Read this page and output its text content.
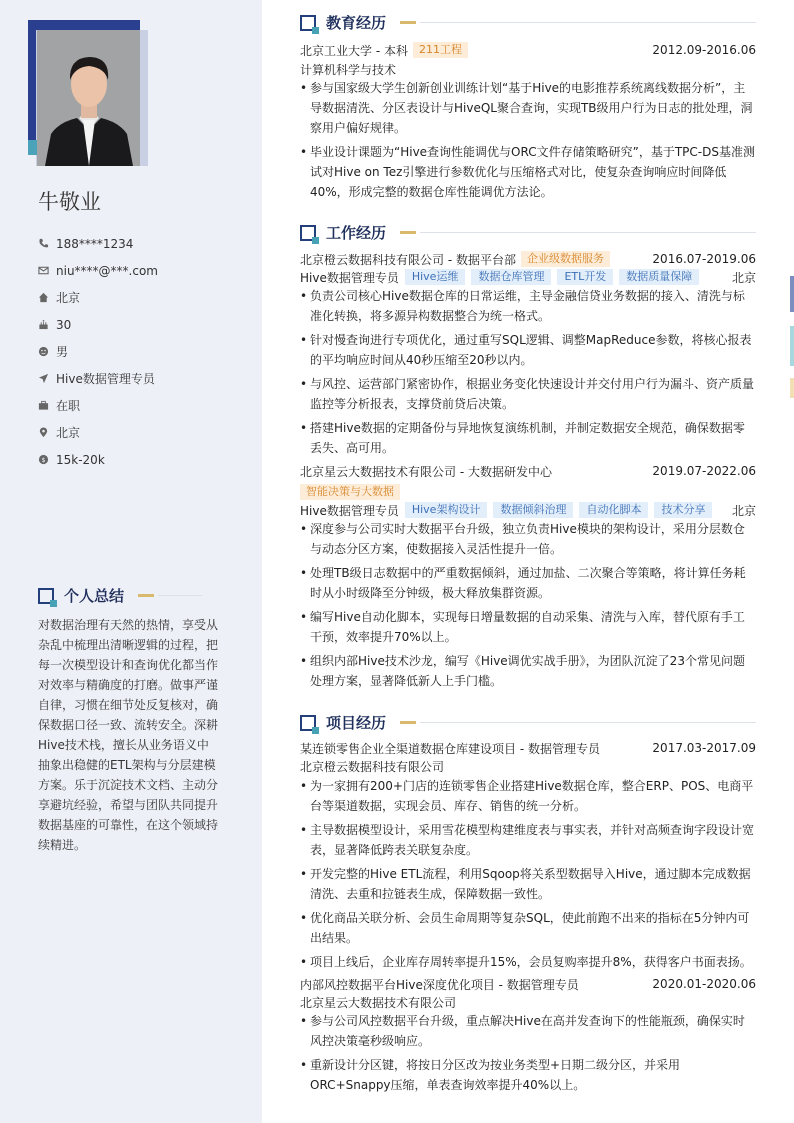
牛敬业
188****1234
niu****@***.com
北京
30
男
Hive数据管理专员
在职
北京
$ 15k-20k
个人总结
对数据治理有天然的热情，享受从杂乱中梳理出清晰逻辑的过程，把每一次模型设计和查询优化都当作对效率与精确度的打磨。做事严谨自律，习惯在细节处反复核对，确保数据口径一致、流转安全。深耕Hive技术栈，擅长从业务语义中抽象出稳健的ETL架构与分层建模方案。乐于沉淀技术文档、主动分享避坑经验，希望与团队共同提升数据基座的可靠性，在这个领域持续精进。
教育经历
北京工业大学 - 本科	211工程	2012.09-2016.06
计算机科学与技术
• 参与国家级大学生创新创业训练计划“基于Hive的电影推荐系统离线数据分析”，主导数据清洗、分区表设计与HiveQL聚合查询，实现TB级用户行为日志的批处理，洞察用户偏好规律。
• 毕业设计课题为“Hive查询性能调优与ORC文件存储策略研究”，基于TPC-DS基准测试对Hive on Tez引擎进行参数优化与压缩格式对比，使复杂查询响应时间降低40%，形成完整的数据仓库性能调优方法论。
工作经历
北京橙云数据科技有限公司 - 数据平台部	企业级数据服务	2016.07-2019.06
Hive数据管理专员	Hive运维	数据仓库管理	ETL开发	数据质量保障	北京
• 负责公司核心Hive数据仓库的日常运维，主导金融信贷业务数据的接入、清洗与标准化转换，将多源异构数据整合为统一格式。
• 针对慢查询进行专项优化，通过重写SQL逻辑、调整MapReduce参数，将核心报表的平均响应时间从40秒压缩至20秒以内。
• 与风控、运营部门紧密协作，根据业务变化快速设计并交付用户行为漏斗、资产质量监控等分析报表，支撑贷前贷后决策。
• 搭建Hive数据的定期备份与异地恢复演练机制，并制定数据安全规范，确保数据零丢失、高可用。
北京星云大数据技术有限公司 - 大数据研发中心	2019.07-2022.06
智能决策与大数据
Hive数据管理专员	Hive架构设计	数据倾斜治理	自动化脚本	技术分享	北京
• 深度参与公司实时大数据平台升级，独立负责Hive模块的架构设计，采用分层数仓与动态分区方案，使数据接入灵活性提升一倍。
• 处理TB级日志数据中的严重数据倾斜，通过加盐、二次聚合等策略，将计算任务耗时从小时级降至分钟级，极大释放集群资源。
• 编写Hive自动化脚本，实现每日增量数据的自动采集、清洗与入库，替代原有手工干预，效率提升70%以上。
• 组织内部Hive技术沙龙，编写《Hive调优实战手册》，为团队沉淀了23个常见问题处理方案，显著降低新人上手门槛。
项目经历
某连锁零售企业全渠道数据仓库建设项目 - 数据管理专员	2017.03-2017.09
北京橙云数据科技有限公司
• 为一家拥有200+门店的连锁零售企业搭建Hive数据仓库，整合ERP、POS、电商平台等渠道数据，实现会员、库存、销售的统一分析。
• 主导数据模型设计，采用雪花模型构建维度表与事实表，并针对高频查询字段设计宽表，显著降低跨表关联复杂度。
• 开发完整的Hive ETL流程，利用Sqoop将关系型数据导入Hive，通过脚本完成数据清洗、去重和拉链表生成，保障数据一致性。
• 优化商品关联分析、会员生命周期等复杂SQL，使此前跑不出来的指标在5分钟内可出结果。
• 项目上线后，企业库存周转率提升15%，会员复购率提升8%，获得客户书面表扬。
内部风控数据平台Hive深度优化项目 - 数据管理专员	2020.01-2020.06
北京星云大数据技术有限公司
• 参与公司风控数据平台升级，重点解决Hive在高并发查询下的性能瓶颈，确保实时风控决策毫秒级响应。
• 重新设计分区键，将按日分区改为按业务类型+日期二级分区，并采用ORC+Snappy压缩，单表查询效率提升40%以上。
